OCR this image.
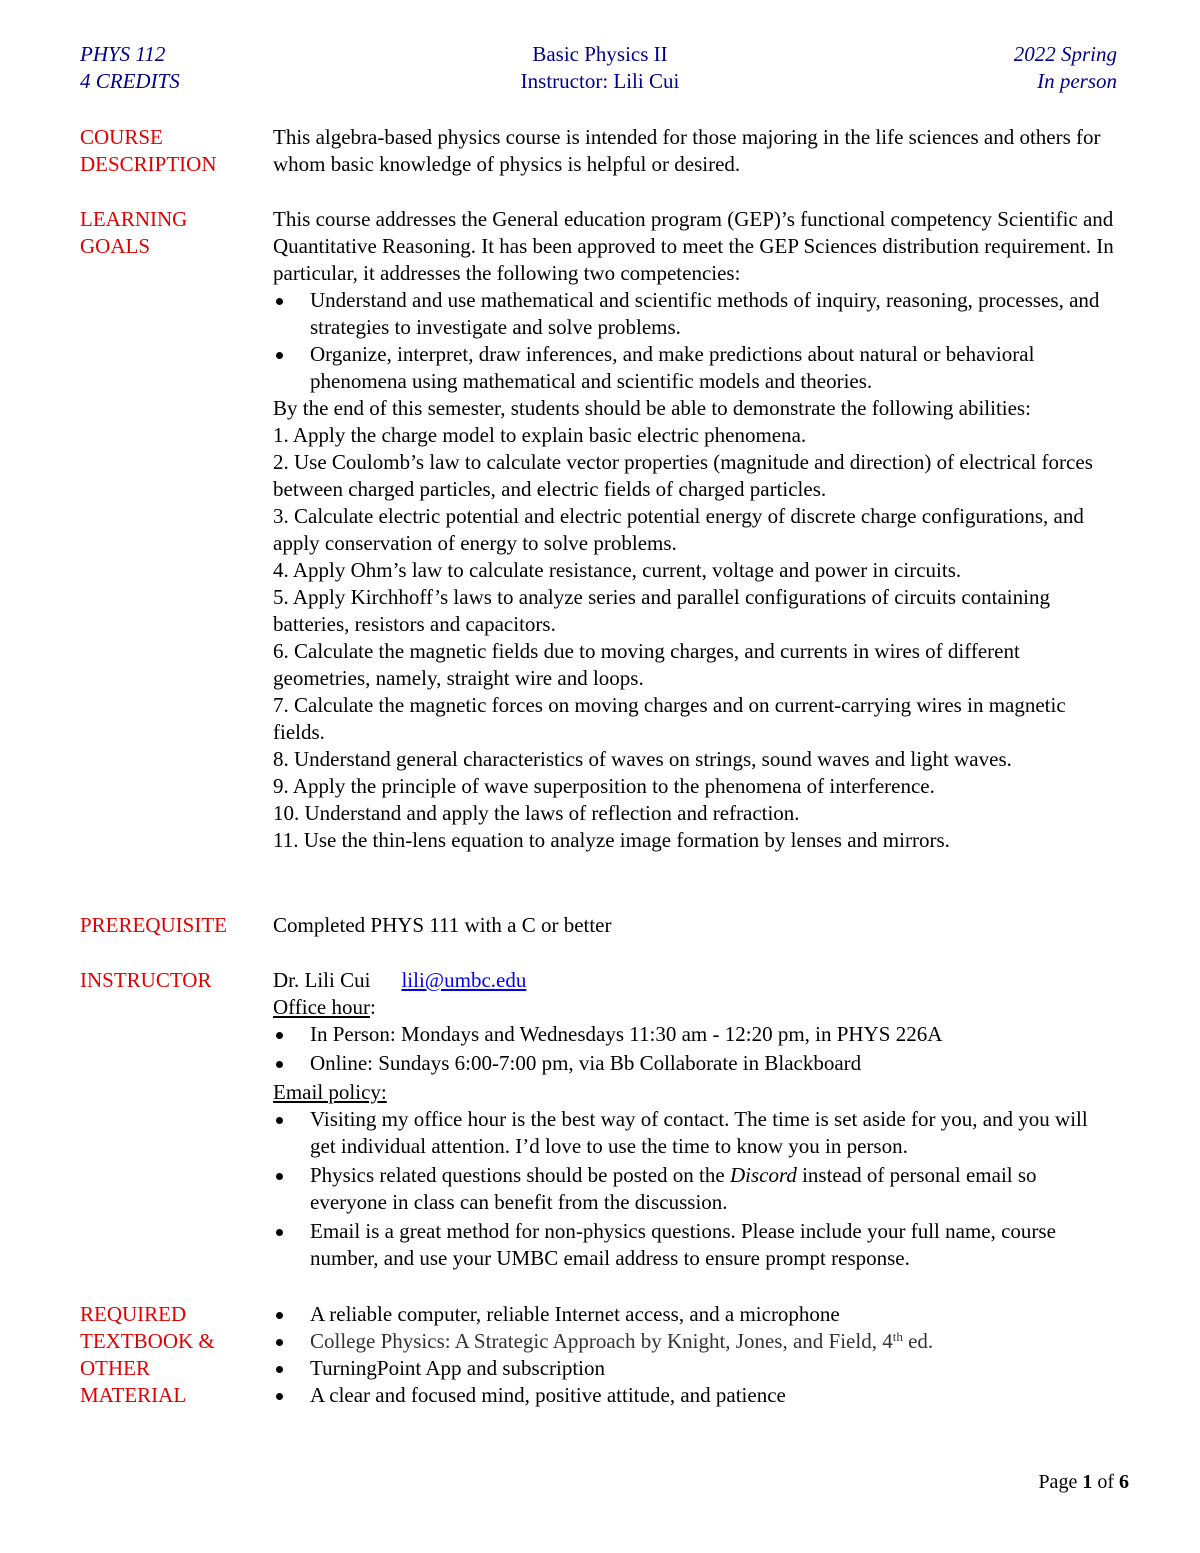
PHYS 112
4 CREDITS
Basic Physics II
Instructor: Lili Cui
2022 Spring
In person
COURSE
DESCRIPTION

This algebra-based physics course is intended for those majoring in the life sciences and others for whom basic knowledge of physics is helpful or desired.

LEARNING
GOALS

This course addresses the General education program (GEP)’s functional competency Scientific and Quantitative Reasoning. It has been approved to meet the GEP Sciences distribution requirement. In particular, it addresses the following two competencies:

Understand and use mathematical and scientific methods of inquiry, reasoning, processes, and strategies to investigate and solve problems.
Organize, interpret, draw inferences, and make predictions about natural or behavioral phenomena using mathematical and scientific models and theories.

By the end of this semester, students should be able to demonstrate the following abilities:

1. Apply the charge model to explain basic electric phenomena.

2. Use Coulomb’s law to calculate vector properties (magnitude and direction) of electrical forces between charged particles, and electric fields of charged particles.

3. Calculate electric potential and electric potential energy of discrete charge configurations, and apply conservation of energy to solve problems.

4. Apply Ohm’s law to calculate resistance, current, voltage and power in circuits.

5. Apply Kirchhoff’s laws to analyze series and parallel configurations of circuits containing batteries, resistors and capacitors.

6. Calculate the magnetic fields due to moving charges, and currents in wires of different geometries, namely, straight wire and loops.

7. Calculate the magnetic forces on moving charges and on current-carrying wires in magnetic fields.

8. Understand general characteristics of waves on strings, sound waves and light waves.

9. Apply the principle of wave superposition to the phenomena of interference.

10. Understand and apply the laws of reflection and refraction.

11. Use the thin-lens equation to analyze image formation by lenses and mirrors.

PREREQUISITE	Completed PHYS 111 with a C or better

INSTRUCTOR	Dr. Lili Cui lili@umbc.edu

Office hour:

In Person: Mondays and Wednesdays 11:30 am - 12:20 pm, in PHYS 226A
Online: Sundays 6:00-7:00 pm, via Bb Collaborate in Blackboard

Email policy:

Visiting my office hour is the best way of contact. The time is set aside for you, and you will get individual attention. I’d love to use the time to know you in person.
Physics related questions should be posted on the Discord instead of personal email so everyone in class can benefit from the discussion.
Email is a great method for non-physics questions. Please include your full name, course number, and use your UMBC email address to ensure prompt response.
REQUIRED
TEXTBOOK &
OTHER
MATERIAL
A reliable computer, reliable Internet access, and a microphone
College Physics: A Strategic Approach by Knight, Jones, and Field, 4th ed.
TurningPoint App and subscription
A clear and focused mind, positive attitude, and patience
Page 1 of 6
